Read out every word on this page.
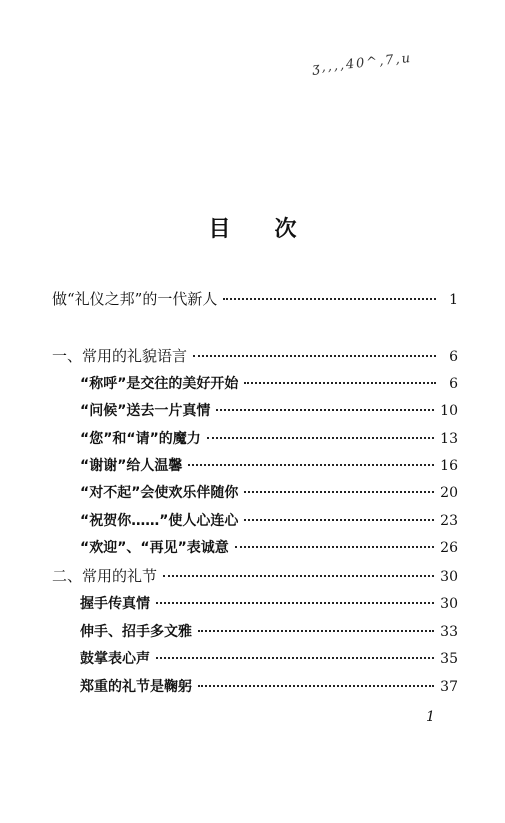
ʒ,,,,40^,7,u
目 次
做“礼仪之邦”的一代新人	1
一、常用的礼貌语言	6
“称呼”是交往的美好开始	6
“问候”送去一片真情	10
“您”和“请”的魔力	13
“谢谢”给人温馨	16
“对不起”会使欢乐伴随你	20
“祝贺你……”使人心连心	23
“欢迎”、“再见”表诚意	26
二、常用的礼节	30
握手传真情	30
伸手、招手多文雅	33
鼓掌表心声	35
郑重的礼节是鞠躬	37
1
